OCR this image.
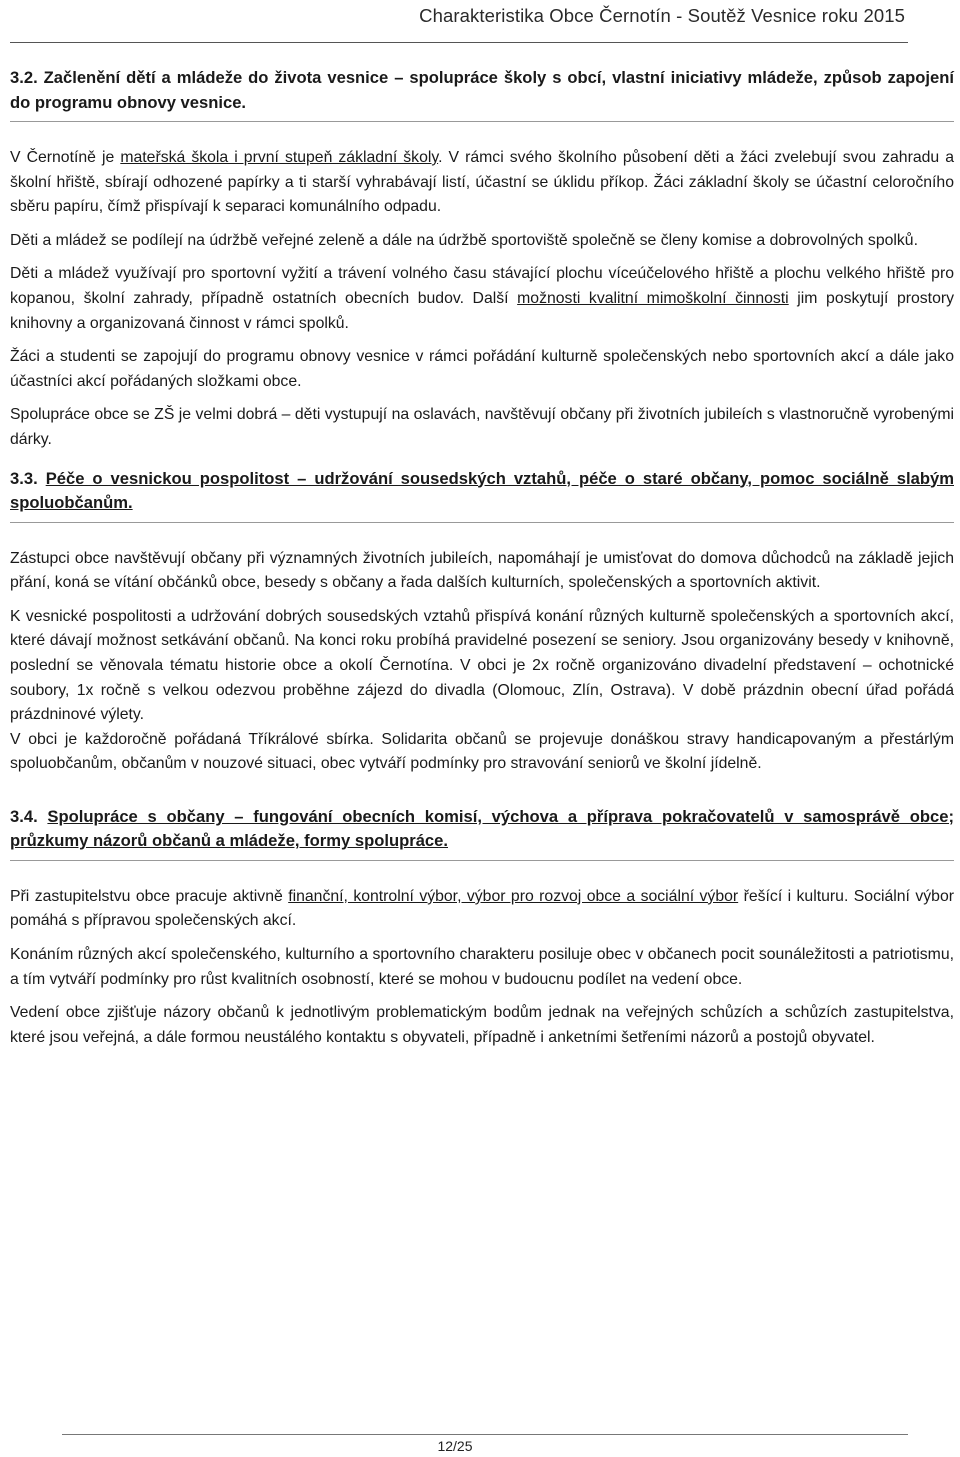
Charakteristika Obce Černotín - Soutěž Vesnice roku 2015
3.2. Začlenění dětí a mládeže do života vesnice – spolupráce školy s obcí, vlastní iniciativy mládeže, způsob zapojení do programu obnovy vesnice.

V Černotíně je mateřská škola i první stupeň základní školy. V rámci svého školního působení děti a žáci zvelebují svou zahradu a školní hřiště, sbírají odhozené papírky a ti starší vyhrabávají listí, účastní se úklidu příkop. Žáci základní školy se účastní celoročního sběru papíru, čímž přispívají k separaci komunálního odpadu.

Děti a mládež se podílejí na údržbě veřejné zeleně a dále na údržbě sportoviště společně se členy komise a dobrovolných spolků.

Děti a mládež využívají pro sportovní vyžití a trávení volného času stávající plochu víceúčelového hřiště a plochu velkého hřiště pro kopanou, školní zahrady, případně ostatních obecních budov. Další možnosti kvalitní mimoškolní činnosti jim poskytují prostory knihovny a organizovaná činnost v rámci spolků.

Žáci a studenti se zapojují do programu obnovy vesnice v rámci pořádání kulturně společenských nebo sportovních akcí a dále jako účastníci akcí pořádaných složkami obce.

Spolupráce obce se ZŠ je velmi dobrá – děti vystupují na oslavách, navštěvují občany při životních jubileích s vlastnoručně vyrobenými dárky.

3.3. Péče o vesnickou pospolitost – udržování sousedských vztahů, péče o staré občany, pomoc sociálně slabým spoluobčanům.

Zástupci obce navštěvují občany při významných životních jubileích, napomáhají je umisťovat do domova důchodců na základě jejich přání, koná se vítání občánků obce, besedy s občany a řada dalších kulturních, společenských a sportovních aktivit.

K vesnické pospolitosti a udržování dobrých sousedských vztahů přispívá konání různých kulturně společenských a sportovních akcí, které dávají možnost setkávání občanů. Na konci roku probíhá pravidelné posezení se seniory. Jsou organizovány besedy v knihovně, poslední se věnovala tématu historie obce a okolí Černotína. V obci je 2x ročně organizováno divadelní představení – ochotnické soubory, 1x ročně s velkou odezvou proběhne zájezd do divadla (Olomouc, Zlín, Ostrava). V době prázdnin obecní úřad pořádá prázdninové výlety.

V obci je každoročně pořádaná Tříkrálové sbírka. Solidarita občanů se projevuje donáškou stravy handicapovaným a přestárlým spoluobčanům, občanům v nouzové situaci, obec vytváří podmínky pro stravování seniorů ve školní jídelně.

3.4. Spolupráce s občany – fungování obecních komisí, výchova a příprava pokračovatelů v samosprávě obce; průzkumy názorů občanů a mládeže, formy spolupráce.

Při zastupitelstvu obce pracuje aktivně finanční, kontrolní výbor, výbor pro rozvoj obce a sociální výbor řešící i kulturu. Sociální výbor pomáhá s přípravou společenských akcí.

Konáním různých akcí společenského, kulturního a sportovního charakteru posiluje obec v občanech pocit sounáležitosti a patriotismu, a tím vytváří podmínky pro růst kvalitních osobností, které se mohou v budoucnu podílet na vedení obce.

Vedení obce zjišťuje názory občanů k jednotlivým problematickým bodům jednak na veřejných schůzích a schůzích zastupitelstva, které jsou veřejná, a dále formou neustálého kontaktu s obyvateli, případně i anketními šetřeními názorů a postojů obyvatel.

12/25
